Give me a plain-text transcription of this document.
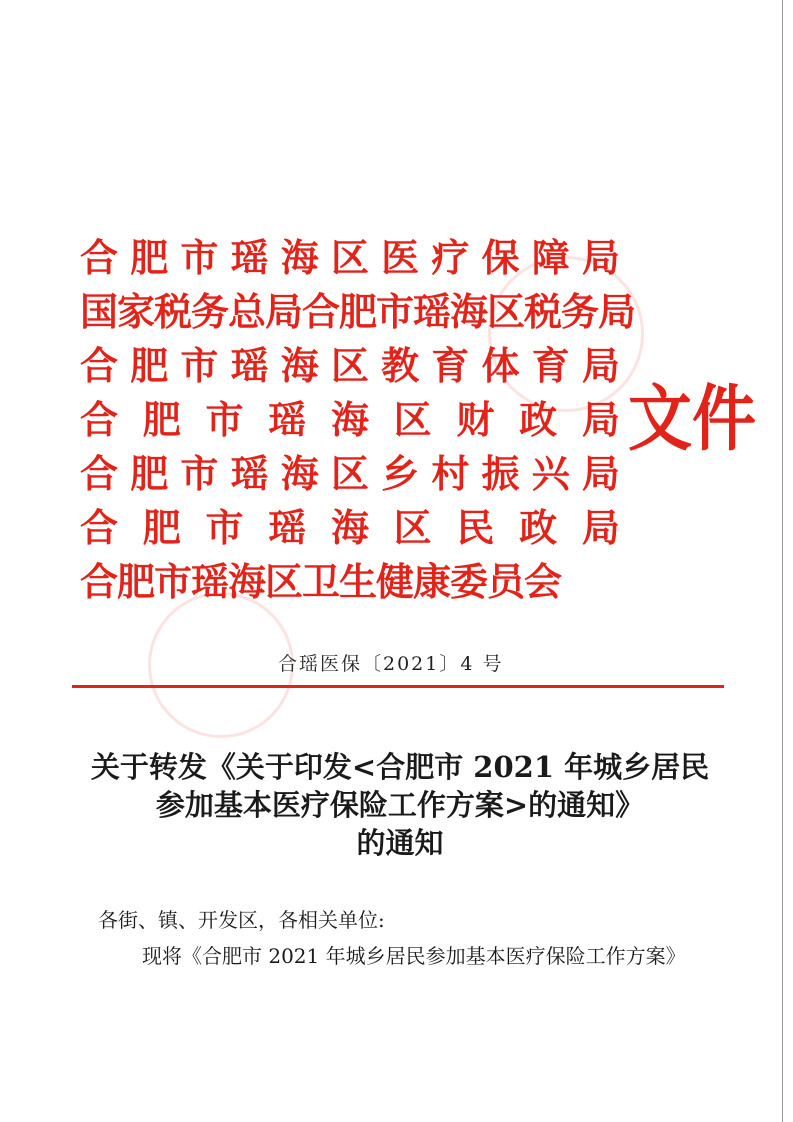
合 肥 市 瑶 海 区 医 疗 保 障 局
国家税务总局合肥市瑶海区税务局
合 肥 市 瑶 海 区 教 育 体 育 局
合 肥 市 瑶 海 区 财 政 局
合 肥 市 瑶 海 区 乡 村 振 兴 局
合 肥 市 瑶 海 区 民 政 局
合肥市瑶海区卫生健康委员会
文件
合瑶医保〔2021〕4 号
关于转发《关于印发<合肥市 2021 年城乡居民
参加基本医疗保险工作方案>的通知》
的通知
各街、镇、开发区，各相关单位:
现将《合肥市 2021 年城乡居民参加基本医疗保险工作方案》
